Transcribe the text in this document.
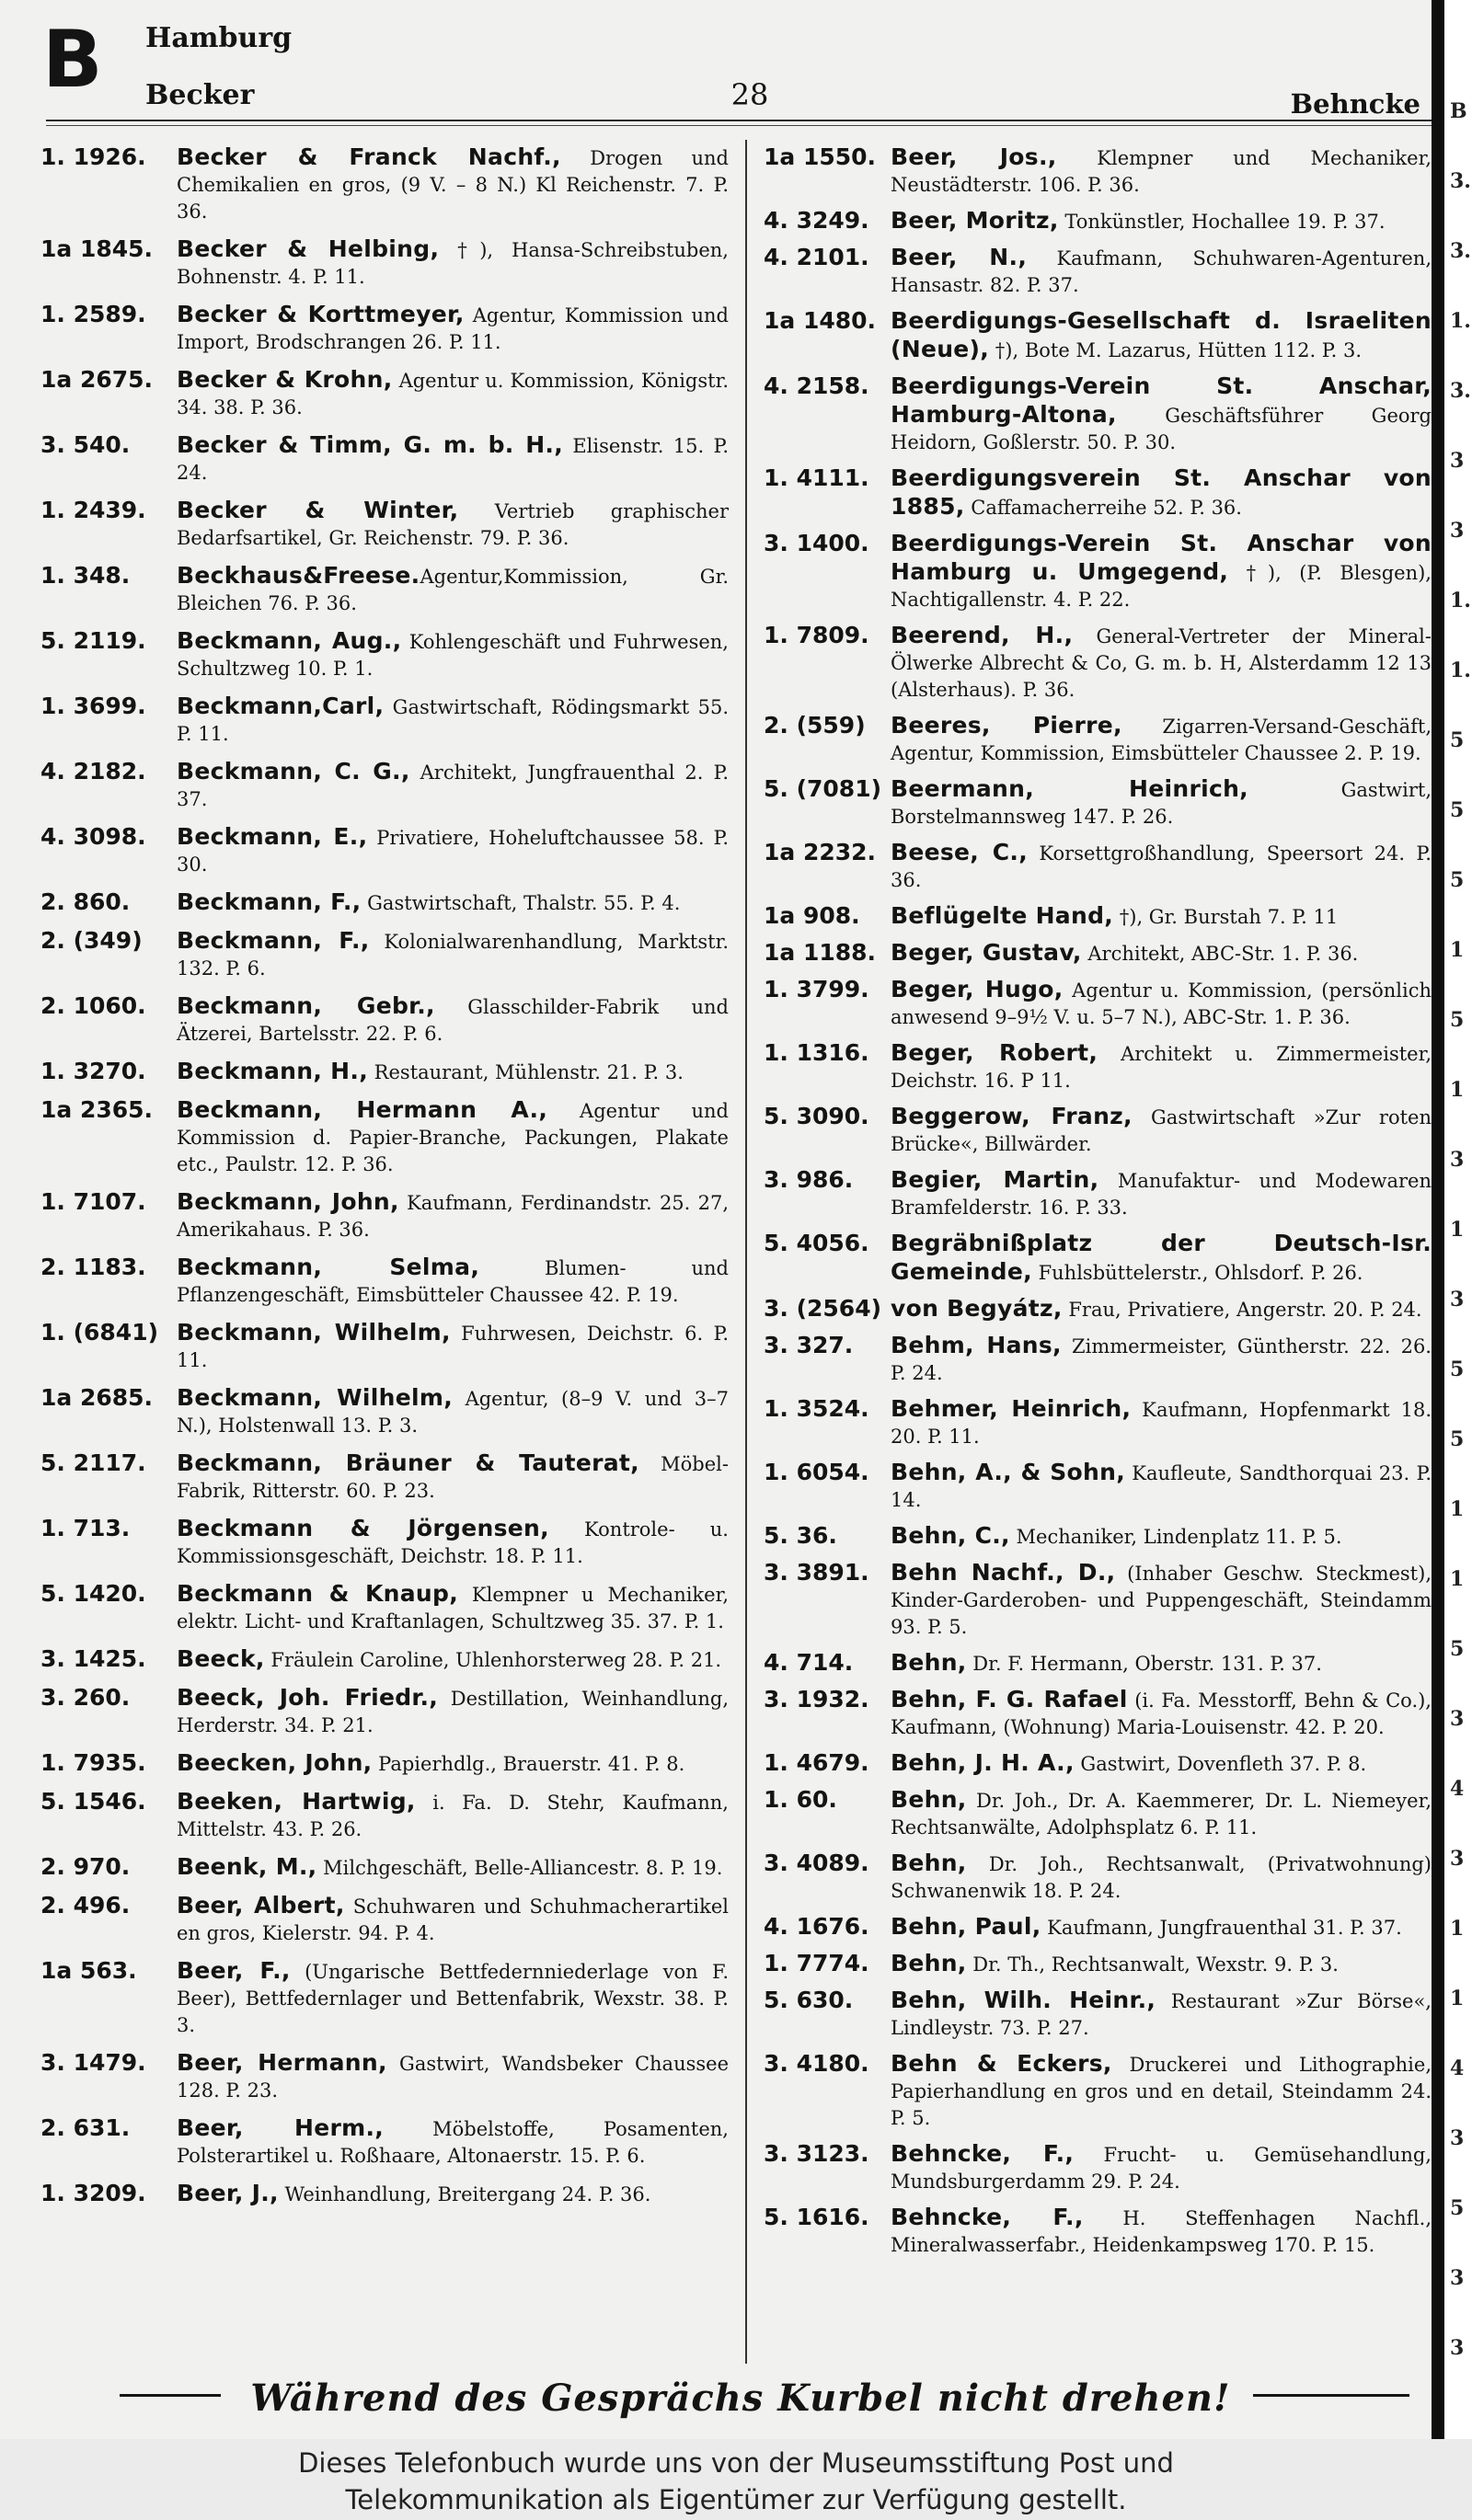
B Hamburg
Becker	28	Behncke
1. 1926.	Becker & Franck Nachf., Drogen und Chemikalien en gros, (9 V. – 8 N.) Kl Reichenstr. 7. P. 36.
1a 1845.	Becker & Helbing, †), Hansa-Schreibstuben, Bohnenstr. 4. P. 11.
1. 2589.	Becker & Korttmeyer, Agentur, Kommission und Import, Brodschrangen 26. P. 11.
1a 2675.	Becker & Krohn, Agentur u. Kommission, Königstr. 34. 38. P. 36.
3. 540.	Becker & Timm, G. m. b. H., Elisenstr. 15. P. 24.
1. 2439.	Becker & Winter, Vertrieb graphischer Bedarfsartikel, Gr. Reichenstr. 79. P. 36.
1. 348.	Beckhaus&Freese.Agentur,Kommission, Gr. Bleichen 76. P. 36.
5. 2119.	Beckmann, Aug., Kohlengeschäft und Fuhrwesen, Schultzweg 10. P. 1.
1. 3699.	Beckmann,Carl, Gastwirtschaft, Rödingsmarkt 55. P. 11.
4. 2182.	Beckmann, C. G., Architekt, Jungfrauenthal 2. P. 37.
4. 3098.	Beckmann, E., Privatiere, Hoheluftchaussee 58. P. 30.
2. 860.	Beckmann, F., Gastwirtschaft, Thalstr. 55. P. 4.
2. (349)	Beckmann, F., Kolonialwarenhandlung, Marktstr. 132. P. 6.
2. 1060.	Beckmann, Gebr., Glasschilder-Fabrik und Ätzerei, Bartelsstr. 22. P. 6.
1. 3270.	Beckmann, H., Restaurant, Mühlenstr. 21. P. 3.
1a 2365.	Beckmann, Hermann A., Agentur und Kommission d. Papier-Branche, Packungen, Plakate etc., Paulstr. 12. P. 36.
1. 7107.	Beckmann, John, Kaufmann, Ferdinandstr. 25. 27, Amerikahaus. P. 36.
2. 1183.	Beckmann, Selma, Blumen- und Pflanzengeschäft, Eimsbütteler Chaussee 42. P. 19.
1. (6841) Beckmann, Wilhelm, Fuhrwesen, Deichstr. 6. P. 11.
1a 2685.	Beckmann, Wilhelm, Agentur, (8–9 V. und 3–7 N.), Holstenwall 13. P. 3.
5. 2117.	Beckmann, Bräuner & Tauterat, Möbel-Fabrik, Ritterstr. 60. P. 23.
1. 713.	Beckmann & Jörgensen, Kontrole- u. Kommissionsgeschäft, Deichstr. 18. P. 11.
5. 1420.	Beckmann & Knaup, Klempner u Mechaniker, elektr. Licht- und Kraftanlagen, Schultzweg 35. 37. P. 1.
3. 1425.	Beeck, Fräulein Caroline, Uhlenhorsterweg 28. P. 21.
3. 260.	Beeck, Joh. Friedr., Destillation, Weinhandlung, Herderstr. 34. P. 21.
1. 7935.	Beecken, John, Papierhdlg., Brauerstr. 41. P. 8.
5. 1546.	Beeken, Hartwig, i. Fa. D. Stehr, Kaufmann, Mittelstr. 43. P. 26.
2. 970.	Beenk, M., Milchgeschäft, Belle-Alliancestr. 8. P. 19.
2. 496.	Beer, Albert, Schuhwaren und Schuhmacherartikel en gros, Kielerstr. 94. P. 4.
1a 563.	Beer, F., (Ungarische Bettfedernniederlage von F. Beer), Bettfedernlager und Bettenfabrik, Wexstr. 38. P. 3.
3. 1479.	Beer, Hermann, Gastwirt, Wandsbeker Chaussee 128. P. 23.
2. 631.	Beer, Herm., Möbelstoffe, Posamenten, Polsterartikel u. Roßhaare, Altonaerstr. 15. P. 6.
1. 3209.	Beer, J., Weinhandlung, Breitergang 24. P. 36.
1a 1550. Beer, Jos., Klempner und Mechaniker, Neustädterstr. 106. P. 36.
4. 3249. Beer, Moritz, Tonkünstler, Hochallee 19. P. 37.
4. 2101. Beer, N., Kaufmann, Schuhwaren-Agenturen, Hansastr. 82. P. 37.
1a 1480. Beerdigungs-Gesellschaft d. Israeliten (Neue), †), Bote M. Lazarus, Hütten 112. P. 3.
4. 2158. Beerdigungs-Verein St. Anschar, Hamburg-Altona, Geschäftsführer Georg Heidorn, Goßlerstr. 50. P. 30.
1. 4111. Beerdigungsverein St. Anschar von 1885, Caffamacherreihe 52. P. 36.
3. 1400. Beerdigungs-Verein St. Anschar von Hamburg u. Umgegend, †), (P. Blesgen), Nachtigallenstr. 4. P. 22.
1. 7809. Beerend, H., General-Vertreter der Mineral-Ölwerke Albrecht & Co, G. m. b. H, Alsterdamm 12 13 (Alsterhaus). P. 36.
2. (559)	Beeres, Pierre, Zigarren-Versand-Geschäft, Agentur, Kommission, Eimsbütteler Chaussee 2. P. 19.
5. (7081) Beermann, Heinrich, Gastwirt, Borstelmannsweg 147. P. 26.
1a 2232. Beese, C., Korsettgroßhandlung, Speersort 24. P. 36.
1a 908.	Beflügelte Hand, †), Gr. Burstah 7. P. 11
1a 1188. Beger, Gustav, Architekt, ABC-Str. 1. P. 36.
1. 3799. Beger, Hugo, Agentur u. Kommission, (persönlich anwesend 9–9½ V. u. 5–7 N.), ABC-Str. 1. P. 36.
1. 1316. Beger, Robert, Architekt u. Zimmermeister, Deichstr. 16. P 11.
5. 3090. Beggerow, Franz, Gastwirtschaft »Zur roten Brücke«, Billwärder.
3. 986.	Begier, Martin, Manufaktur- und Modewaren Bramfelderstr. 16. P. 33.
5. 4056. Begräbnißplatz der Deutsch-Isr. Gemeinde, Fuhlsbüttelerstr., Ohlsdorf. P. 26.
3. (2564) von Begyátz, Frau, Privatiere, Angerstr. 20. P. 24.
3. 327.	Behm, Hans, Zimmermeister, Güntherstr. 22. 26. P. 24.
1. 3524. Behmer, Heinrich, Kaufmann, Hopfenmarkt 18. 20. P. 11.
1. 6054. Behn, A., & Sohn, Kaufleute, Sandthorquai 23. P. 14.
5. 36.	Behn, C., Mechaniker, Lindenplatz 11. P. 5.
3. 3891. Behn Nachf., D., (Inhaber Geschw. Steckmest), Kinder-Garderoben- und Puppengeschäft, Steindamm 93. P. 5.
4. 714.	Behn, Dr. F. Hermann, Oberstr. 131. P. 37.
3. 1932. Behn, F. G. Rafael (i. Fa. Messtorff, Behn & Co.), Kaufmann, (Wohnung) Maria-Louisenstr. 42. P. 20.
1. 4679. Behn, J. H. A., Gastwirt, Dovenfleth 37. P. 8.
1. 60.	Behn, Dr. Joh., Dr. A. Kaemmerer, Dr. L. Niemeyer, Rechtsanwälte, Adolphsplatz 6. P. 11.
3. 4089. Behn, Dr. Joh., Rechtsanwalt, (Privatwohnung) Schwanenwik 18. P. 24.
4. 1676. Behn, Paul, Kaufmann, Jungfrauenthal 31. P. 37.
1. 7774. Behn, Dr. Th., Rechtsanwalt, Wexstr. 9. P. 3.
5. 630.	Behn, Wilh. Heinr., Restaurant »Zur Börse«, Lindleystr. 73. P. 27.
3. 4180. Behn & Eckers, Druckerei und Lithographie, Papierhandlung en gros und en detail, Steindamm 24. P. 5.
3. 3123. Behncke, F., Frucht- u. Gemüsehandlung, Mundsburgerdamm 29. P. 24.
5. 1616. Behncke, F., H. Steffenhagen Nachfl., Mineralwasserfabr., Heidenkampsweg 170. P. 15.
Während des Gesprächs Kurbel nicht drehen!
B
3.
3.
1.
3.
3
3
1.
1.
5
5
5
1
5
1
3
1
3
5
5
1
1
5
3
4
3
1
1
4
3
5
3
3
Dieses Telefonbuch wurde uns von der Museumsstiftung Post und
Telekommunikation als Eigentümer zur Verfügung gestellt.
